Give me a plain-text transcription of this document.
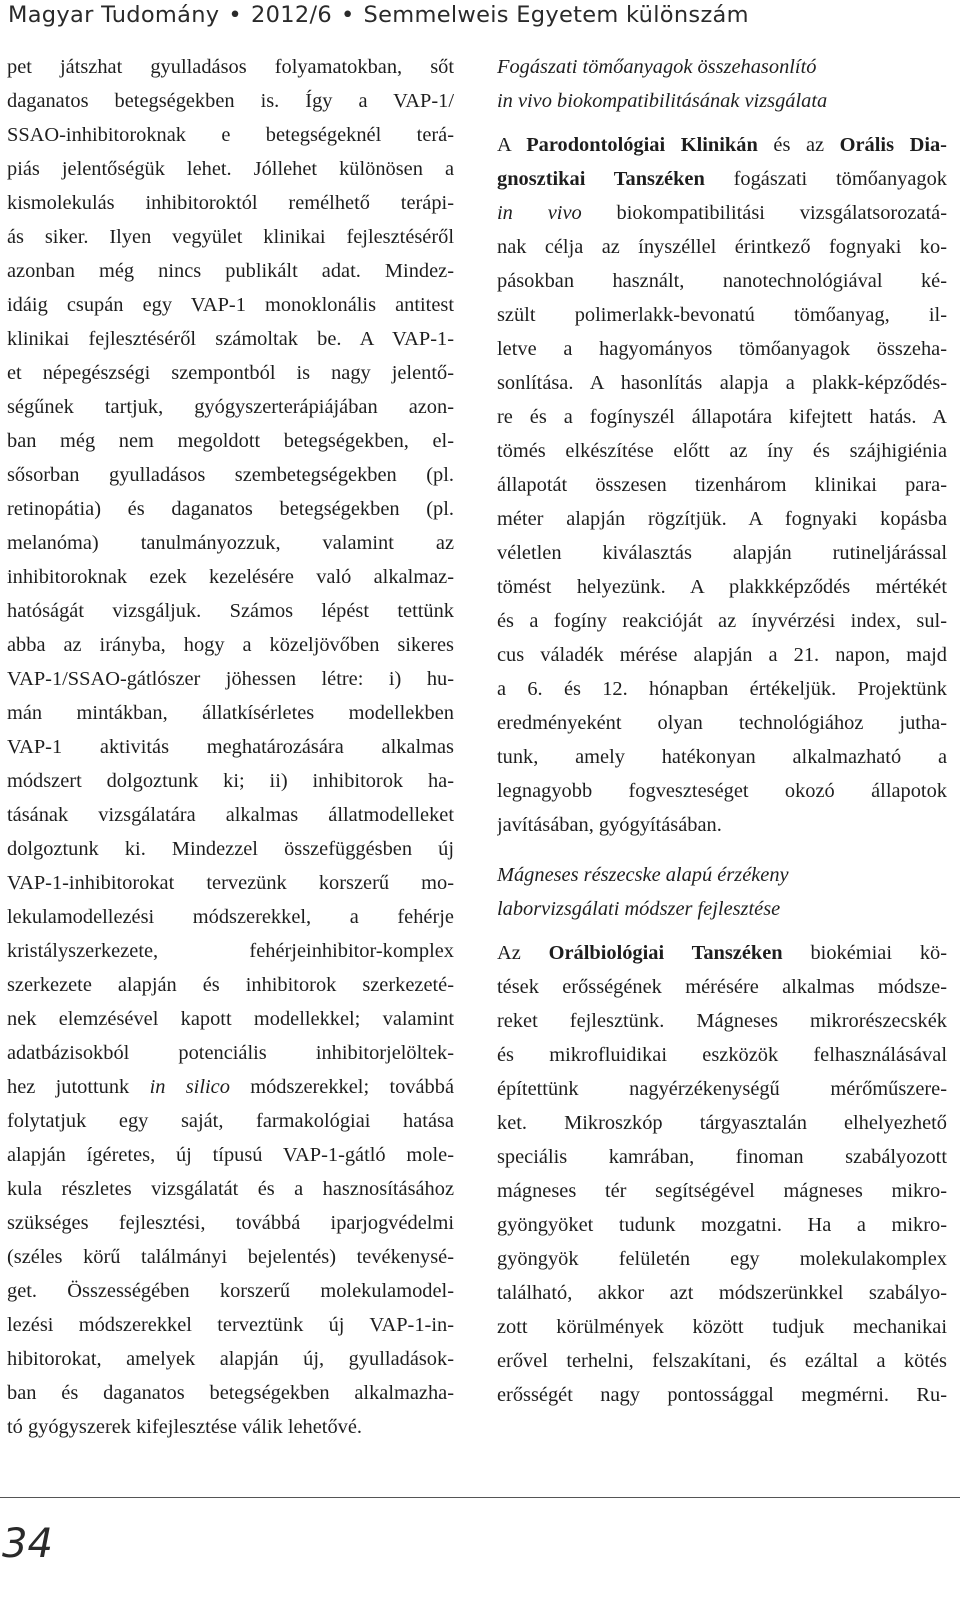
Magyar Tudomány • 2012/6 • Semmelweis Egyetem különszám
pet játszhat gyulladásos folyamatokban, sőt
daganatos betegségekben is. Így a VAP-1/
SSAO-inhibitoroknak e betegségeknél terá-
piás jelentőségük lehet. Jóllehet különösen a
kismolekulás inhibitoroktól remélhető terápi-
ás siker. Ilyen vegyület klinikai fejlesztéséről
azonban még nincs publikált adat. Mindez-
idáig csupán egy VAP-1 monoklonális antitest
klinikai fejlesztéséről számoltak be. A VAP-1-
et népegészségi szempontból is nagy jelentő-
ségűnek tartjuk, gyógyszerterápiájában azon-
ban még nem megoldott betegségekben, el-
sősorban gyulladásos szembetegségekben (pl.
retinopátia) és daganatos betegségekben (pl.
melanóma) tanulmányozzuk, valamint az
inhibitoroknak ezek kezelésére való alkalmaz-
hatóságát vizsgáljuk. Számos lépést tettünk
abba az irányba, hogy a közeljövőben sikeres
VAP-1/SSAO-gátlószer jöhessen létre: i) hu-
mán mintákban, állatkísérletes modellekben
VAP-1 aktivitás meghatározására alkalmas
módszert dolgoztunk ki; ii) inhibitorok ha-
tásának vizsgálatára alkalmas állatmodelleket
dolgoztunk ki. Mindezzel összefüggésben új
VAP-1-inhibitorokat tervezünk korszerű mo-
lekulamodellezési módszerekkel, a fehérje
kristályszerkezete, fehérjeinhibitor-komplex
szerkezete alapján és inhibitorok szerkezeté-
nek elemzésével kapott modellekkel; valamint
adatbázisokból potenciális inhibitorjelöltek-
hez jutottunk in silico módszerekkel; továbbá
folytatjuk egy saját, farmakológiai hatása
alapján ígéretes, új típusú VAP-1-gátló mole-
kula részletes vizsgálatát és a hasznosításához
szükséges fejlesztési, továbbá iparjogvédelmi
(széles körű találmányi bejelentés) tevékenysé-
get. Összességében korszerű molekulamodel-
lezési módszerekkel terveztünk új VAP-1-in-
hibitorokat, amelyek alapján új, gyulladások-
ban és daganatos betegségekben alkalmazha-
tó gyógyszerek kifejlesztése válik lehetővé.
Fogászati tömőanyagok összehasonlító
in vivo biokompatibilitásának vizsgálata
A Parodontológiai Klinikán és az Orális Dia-
gnosztikai Tanszéken fogászati tömőanyagok
in vivo biokompatibilitási vizsgálatsorozatá-
nak célja az ínyszéllel érintkező fognyaki ko-
pásokban használt, nanotechnológiával ké-
szült polimerlakk-bevonatú tömőanyag, il-
letve a hagyományos tömőanyagok összeha-
sonlítása. A hasonlítás alapja a plakk-képződés-
re és a fogínyszél állapotára kifejtett hatás. A
tömés elkészítése előtt az íny és szájhigiénia
állapotát összesen tizenhárom klinikai para-
méter alapján rögzítjük. A fognyaki kopásba
véletlen kiválasztás alapján rutineljárással
tömést helyezünk. A plakkképződés mértékét
és a fogíny reakcióját az ínyvérzési index, sul-
cus váladék mérése alapján a 21. napon, majd
a 6. és 12. hónapban értékeljük. Projektünk
eredményeként olyan technológiához jutha-
tunk, amely hatékonyan alkalmazható a
legnagyobb fogveszteséget okozó állapotok
javításában, gyógyításában.
Mágneses részecske alapú érzékeny
laborvizsgálati módszer fejlesztése
Az Orálbiológiai Tanszéken biokémiai kö-
tések erősségének mérésére alkalmas módsze-
reket fejlesztünk. Mágneses mikrorészecskék
és mikrofluidikai eszközök felhasználásával
építettünk nagyérzékenységű mérőműszere-
ket. Mikroszkóp tárgyasztalán elhelyezhető
speciális kamrában, finoman szabályozott
mágneses tér segítségével mágneses mikro-
gyöngyöket tudunk mozgatni. Ha a mikro-
gyöngyök felületén egy molekulakomplex
található, akkor azt módszerünkkel szabályo-
zott körülmények között tudjuk mechanikai
erővel terhelni, felszakítani, és ezáltal a kötés
erősségét nagy pontossággal megmérni. Ru-
34
